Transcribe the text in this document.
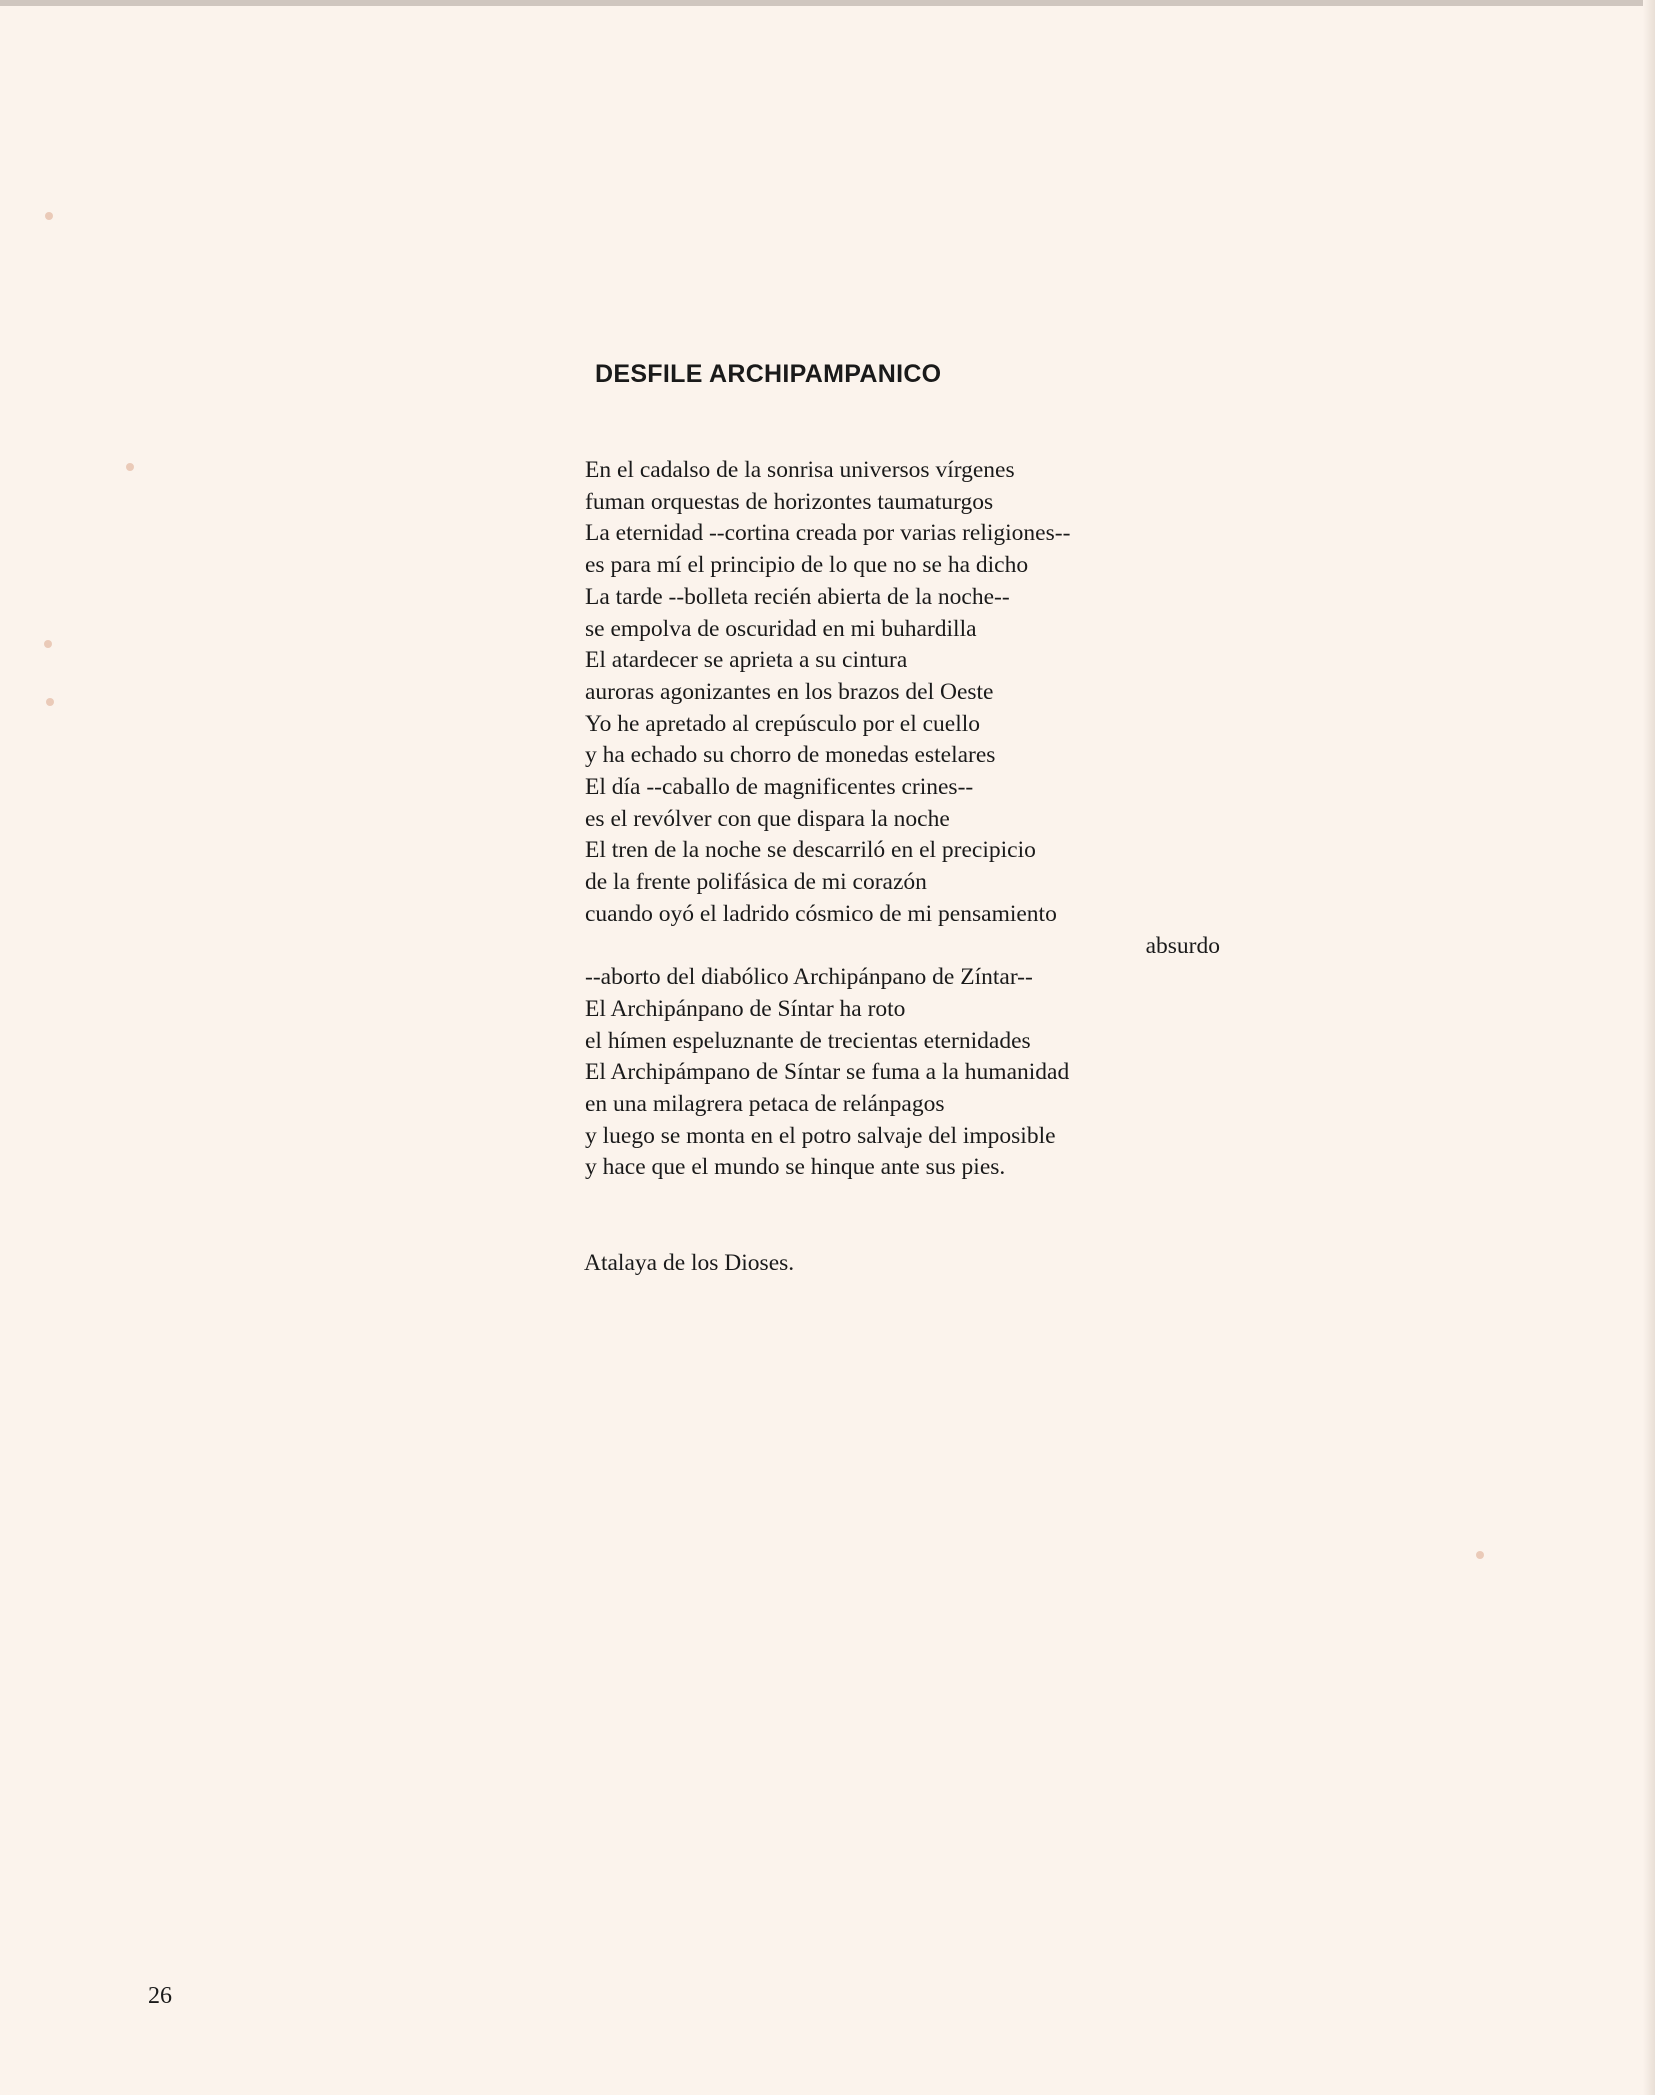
DESFILE ARCHIPAMPANICO
En el cadalso de la sonrisa universos vírgenes
fuman orquestas de horizontes taumaturgos
La eternidad --cortina creada por varias religiones--
es para mí el principio de lo que no se ha dicho
La tarde --bolleta recién abierta de la noche--
se empolva de oscuridad en mi buhardilla
El atardecer se aprieta a su cintura
auroras agonizantes en los brazos del Oeste
Yo he apretado al crepúsculo por el cuello
y ha echado su chorro de monedas estelares
El día --caballo de magnificentes crines--
es el revólver con que dispara la noche
El tren de la noche se descarriló en el precipicio
de la frente polifásica de mi corazón
cuando oyó el ladrido cósmico de mi pensamiento
absurdo
--aborto del diabólico Archipánpano de Zíntar--
El Archipánpano de Síntar ha roto
el hímen espeluznante de trecientas eternidades
El Archipámpano de Síntar se fuma a la humanidad
en una milagrera petaca de relánpagos
y luego se monta en el potro salvaje del imposible
y hace que el mundo se hinque ante sus pies.

Atalaya de los Dioses.

26
